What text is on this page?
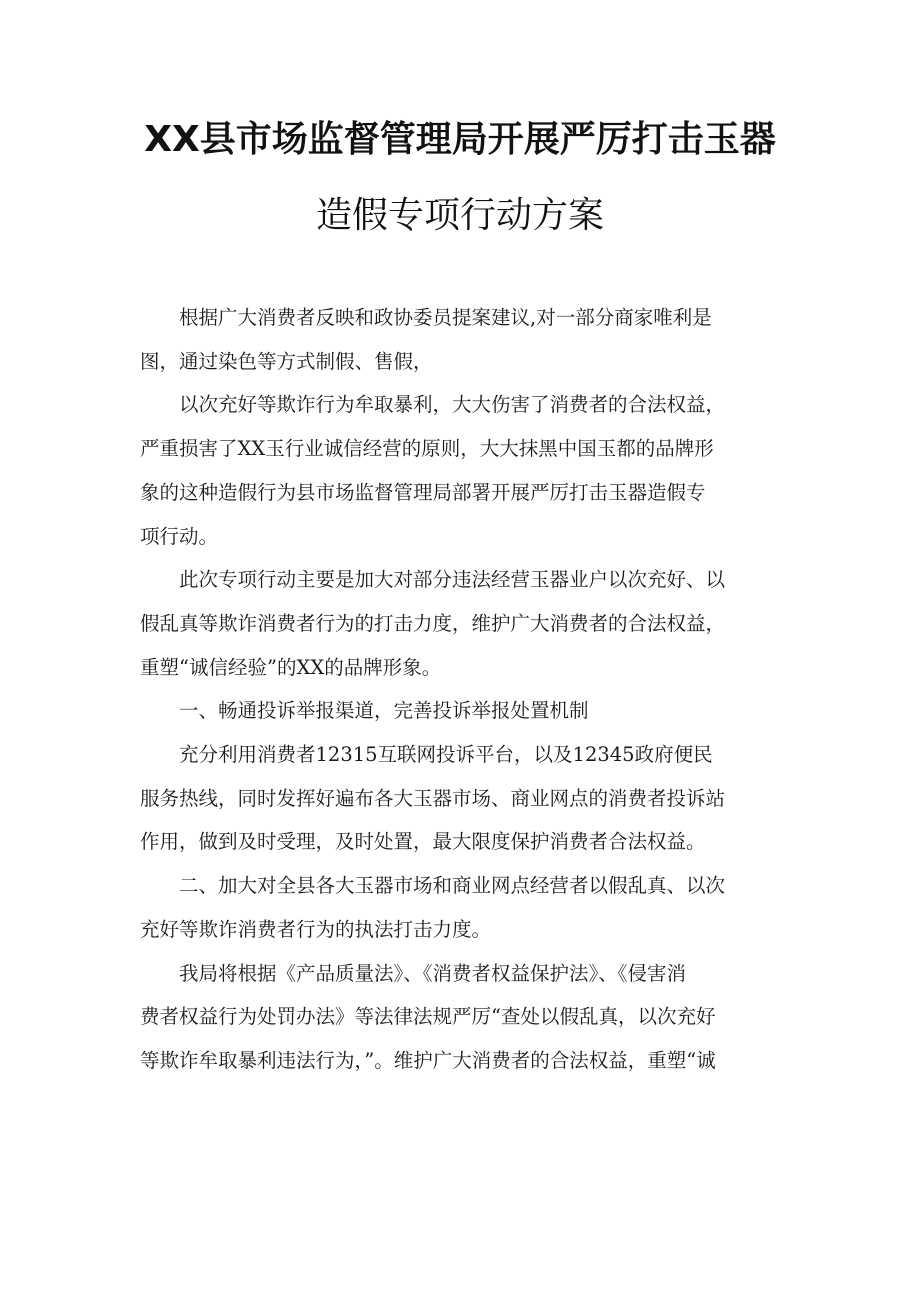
XX县市场监督管理局开展严厉打击玉器
造假专项行动方案
根据广大消费者反映和政协委员提案建议,对一部分商家唯利是
图，通过染色等方式制假、售假，
以次充好等欺诈行为牟取暴利，大大伤害了消费者的合法权益，
严重损害了XX玉行业诚信经营的原则，大大抹黑中国玉都的品牌形
象的这种造假行为县市场监督管理局部署开展严厉打击玉器造假专
项行动。
此次专项行动主要是加大对部分违法经营玉器业户以次充好、以
假乱真等欺诈消费者行为的打击力度，维护广大消费者的合法权益，
重塑“诚信经验”的XX的品牌形象。
一、畅通投诉举报渠道，完善投诉举报处置机制
充分利用消费者12315互联网投诉平台，以及12345政府便民
服务热线，同时发挥好遍布各大玉器市场、商业网点的消费者投诉站
作用，做到及时受理，及时处置，最大限度保护消费者合法权益。
二、加大对全县各大玉器市场和商业网点经营者以假乱真、以次
充好等欺诈消费者行为的执法打击力度。
我局将根据《产品质量法》、《消费者权益保护法》、《侵害消
费者权益行为处罚办法》等法律法规严厉“查处以假乱真，以次充好
等欺诈牟取暴利违法行为，”。维护广大消费者的合法权益，重塑“诚
